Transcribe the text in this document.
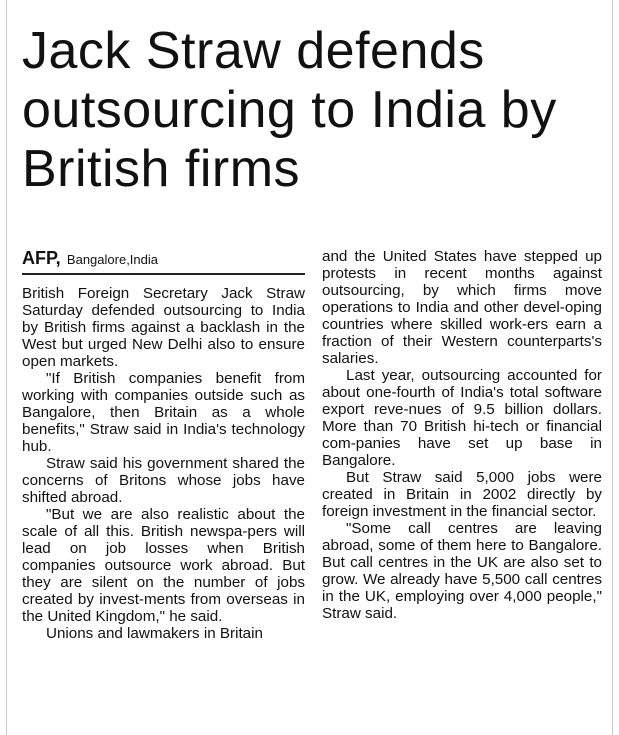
Jack Straw defends outsourcing to India by British firms
AFP, Bangalore,India

British Foreign Secretary Jack Straw Saturday defended outsourcing to India by British firms against a backlash in the West but urged New Delhi also to ensure open markets.

"If British companies benefit from working with companies outside such as Bangalore, then Britain as a whole benefits," Straw said in India's technology hub.

Straw said his government shared the concerns of Britons whose jobs have shifted abroad.

"But we are also realistic about the scale of all this. British newspa-pers will lead on job losses when British companies outsource work abroad. But they are silent on the number of jobs created by invest-ments from overseas in the United Kingdom," he said.

Unions and lawmakers in Britain

and the United States have stepped up protests in recent months against outsourcing, by which firms move operations to India and other devel-oping countries where skilled work-ers earn a fraction of their Western counterparts's salaries.

Last year, outsourcing accounted for about one-fourth of India's total software export reve-nues of 9.5 billion dollars. More than 70 British hi-tech or financial com-panies have set up base in Bangalore.

But Straw said 5,000 jobs were created in Britain in 2002 directly by foreign investment in the financial sector.

"Some call centres are leaving abroad, some of them here to Bangalore. But call centres in the UK are also set to grow. We already have 5,500 call centres in the UK, employing over 4,000 people," Straw said.
